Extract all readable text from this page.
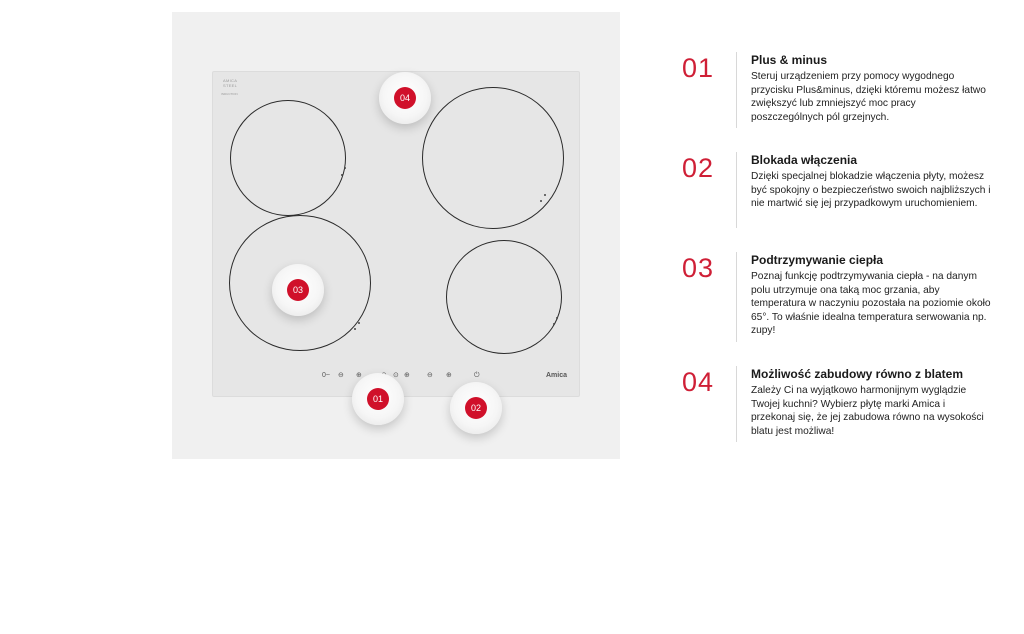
AMICA
STEEL
INDUCTION
0~ ⊖ ⊕	⊙ ⊕ ⊖ ⊕	⏻	Amica
04
03
01
02
01	Plus & minus
Steruj urządzeniem przy pomocy wygodnego przycisku Plus&minus, dzięki któremu możesz łatwo zwiększyć lub zmniejszyć moc pracy poszczególnych pól grzejnych.
02	Blokada włączenia
Dzięki specjalnej blokadzie włączenia płyty, możesz być spokojny o bezpieczeństwo swoich najbliższych i nie martwić się jej przypadkowym uruchomieniem.
03	Podtrzymywanie ciepła
Poznaj funkcję podtrzymywania ciepła - na danym polu utrzymuje ona taką moc grzania, aby temperatura w naczyniu pozostała na poziomie około 65°. To właśnie idealna temperatura serwowania np. zupy!
04	Możliwość zabudowy równo z blatem
Zależy Ci na wyjątkowo harmonijnym wyglądzie Twojej kuchni? Wybierz płytę marki Amica i przekonaj się, że jej zabudowa równo na wysokości blatu jest możliwa!
